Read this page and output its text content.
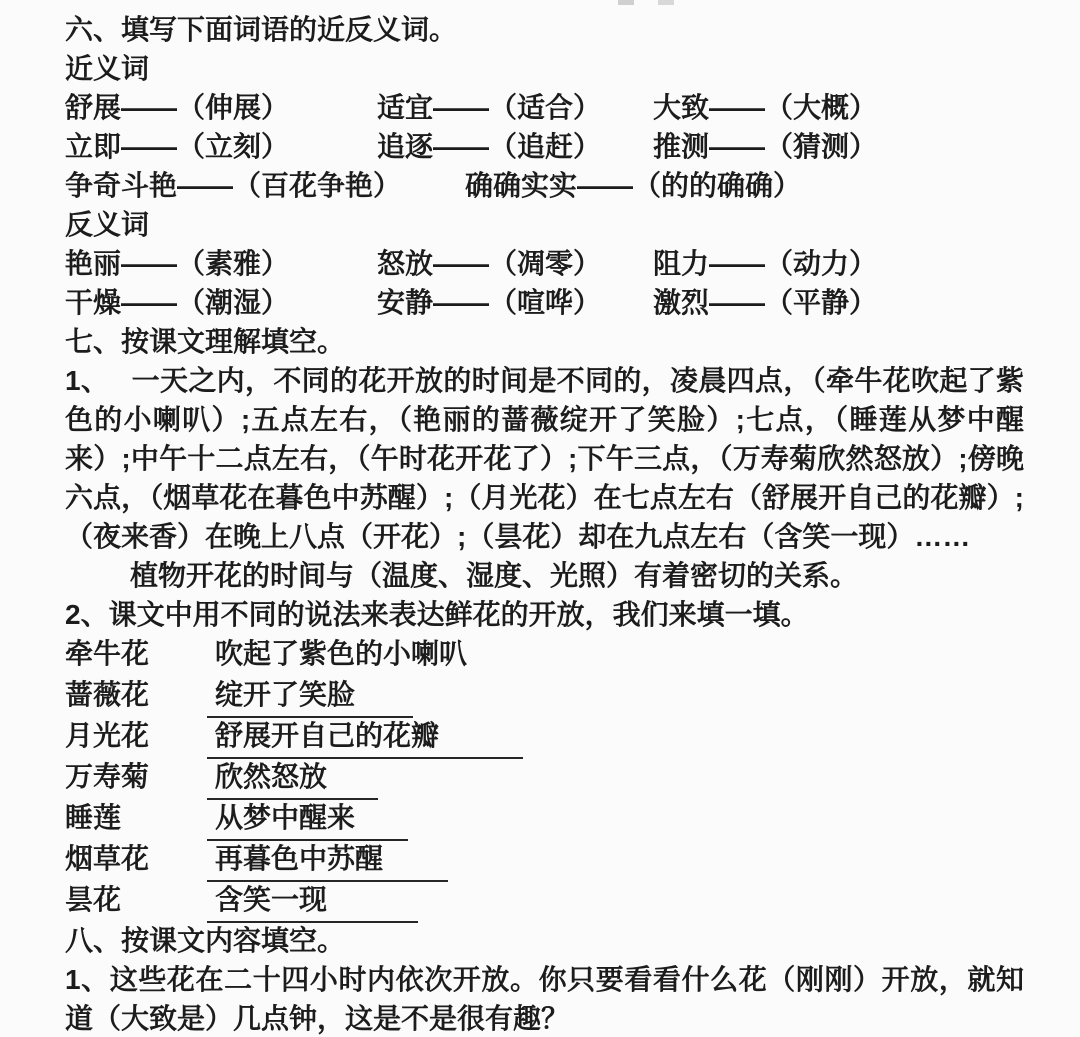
六、填写下面词语的近反义词。
近义词
舒展——（伸展）	适宜——（适合）	大致——（大概）
立即——（立刻）	追逐——（追赶）	推测——（猜测）
争奇斗艳——（百花争艳）	确确实实——（的的确确）
反义词
艳丽——（素雅）	怒放——（凋零）	阻力——（动力）
干燥——（潮湿）	安静——（喧哗）	激烈——（平静）
七、按课文理解填空。

1、　 一天之内，不同的花开放的时间是不同的，凌晨四点，（牵牛花吹起了紫色的小喇叭）;五点左右，（艳丽的蔷薇绽开了笑脸）;七点，（睡莲从梦中醒来）;中午十二点左右，（午时花开花了）;下午三点，（万寿菊欣然怒放）;傍晚六点，（烟草花在暮色中苏醒）;（月光花）在七点左右（舒展开自己的花瓣）;（夜来香）在晚上八点（开花）;（昙花）却在九点左右（含笑一现）……

植物开花的时间与（温度、湿度、光照）有着密切的关系。
2、课文中用不同的说法来表达鲜花的开放，我们来填一填。
牵牛花	吹起了紫色的小喇叭
蔷薇花	绽开了笑脸
月光花	舒展开自己的花瓣
万寿菊	欣然怒放
睡莲	从梦中醒来
烟草花	再暮色中苏醒
昙花	含笑一现
八、按课文内容填空。

1、这些花在二十四小时内依次开放。你只要看看什么花（刚刚）开放，就知道（大致是）几点钟，这是不是很有趣？
